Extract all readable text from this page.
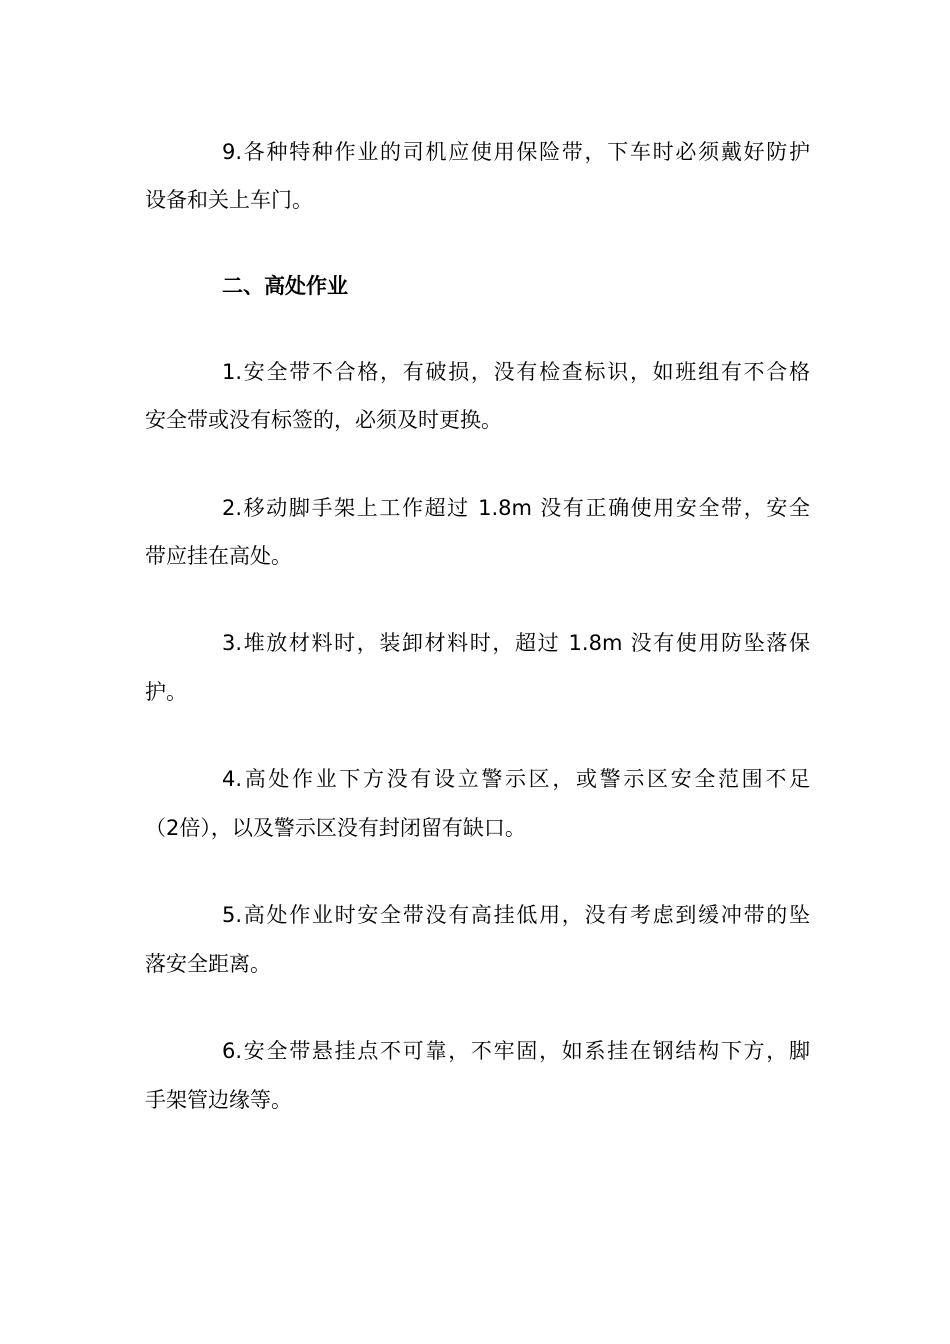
9.各种特种作业的司机应使用保险带，下车时必须戴好防护
设备和关上车门。
二、高处作业
1.安全带不合格，有破损，没有检查标识，如班组有不合格
安全带或没有标签的，必须及时更换。
2.移动脚手架上工作超过 1.8m 没有正确使用安全带，安全
带应挂在高处。
3.堆放材料时，装卸材料时，超过 1.8m 没有使用防坠落保
护。
4.高处作业下方没有设立警示区，或警示区安全范围不足
（2倍），以及警示区没有封闭留有缺口。
5.高处作业时安全带没有高挂低用，没有考虑到缓冲带的坠
落安全距离。
6.安全带悬挂点不可靠，不牢固，如系挂在钢结构下方，脚
手架管边缘等。
